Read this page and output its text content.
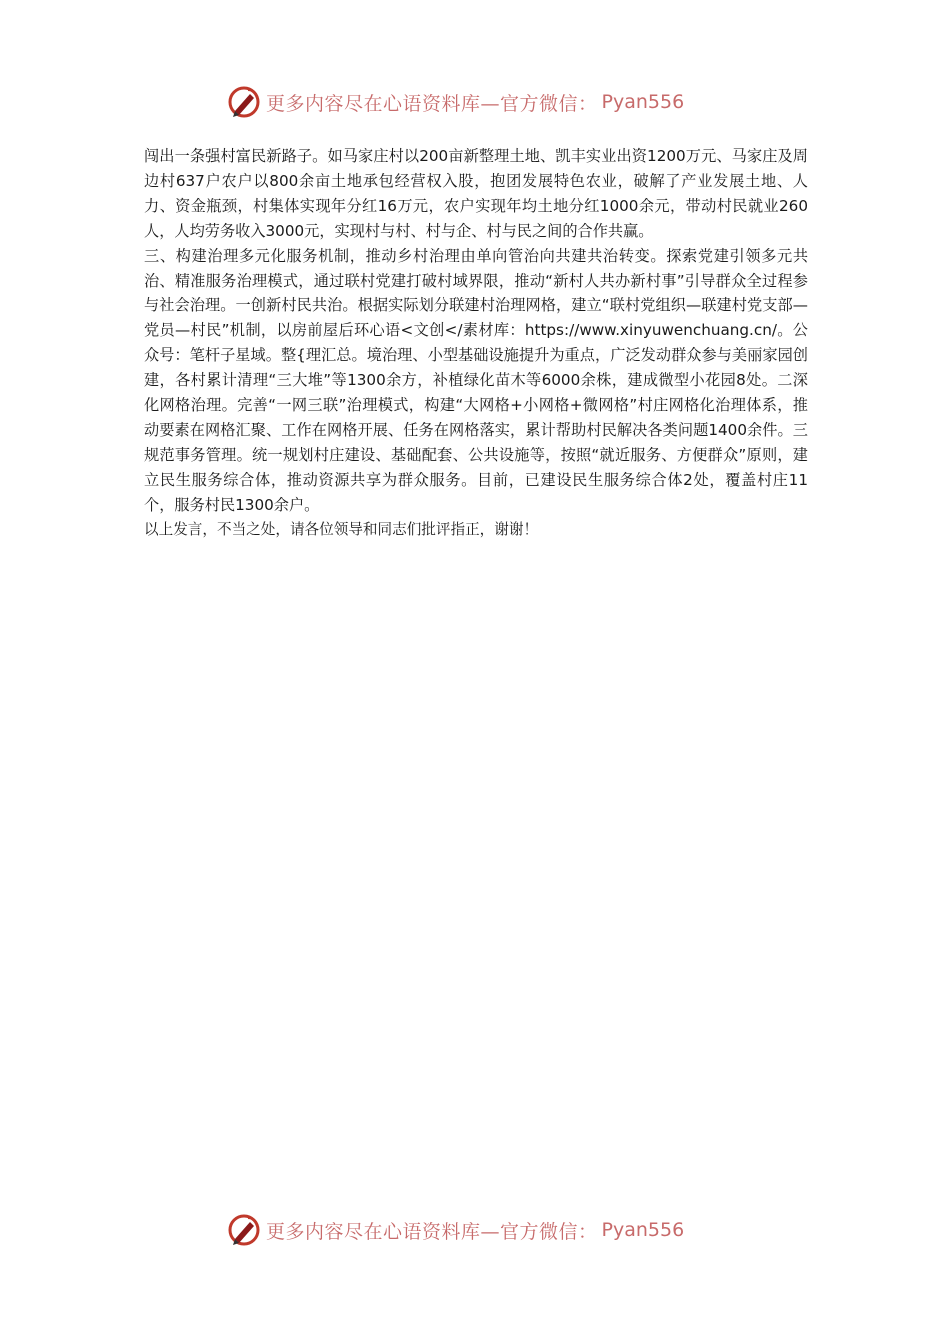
更多内容尽在心语资料库—官方微信： Pyan556

闯出一条强村富民新路子。如马家庄村以200亩新整理土地、凯丰实业出资1200万元、马家庄及周边村637户农户以800余亩土地承包经营权入股，抱团发展特色农业，破解了产业发展土地、人力、资金瓶颈，村集体实现年分红16万元，农户实现年均土地分红1000余元，带动村民就业260人，人均劳务收入3000元，实现村与村、村与企、村与民之间的合作共赢。

三、构建治理多元化服务机制，推动乡村治理由单向管治向共建共治转变。探索党建引领多元共治、精准服务治理模式，通过联村党建打破村域界限，推动“新村人共办新村事”引导群众全过程参与社会治理。一创新村民共治。根据实际划分联建村治理网格，建立“联村党组织—联建村党支部—党员—村民”机制，以房前屋后环心语<文创</素材库：https://www.xinyuwenchuang.cn/。公众号：笔杆子星域。整{理汇总。境治理、小型基础设施提升为重点，广泛发动群众参与美丽家园创建，各村累计清理“三大堆”等1300余方，补植绿化苗木等6000余株，建成微型小花园8处。二深化网格治理。完善“一网三联”治理模式，构建“大网格+小网格+微网格”村庄网格化治理体系，推动要素在网格汇聚、工作在网格开展、任务在网格落实，累计帮助村民解决各类问题1400余件。三规范事务管理。统一规划村庄建设、基础配套、公共设施等，按照“就近服务、方便群众”原则，建立民生服务综合体，推动资源共享为群众服务。目前，已建设民生服务综合体2处，覆盖村庄11个，服务村民1300余户。

以上发言，不当之处，请各位领导和同志们批评指正，谢谢！

更多内容尽在心语资料库—官方微信： Pyan556
